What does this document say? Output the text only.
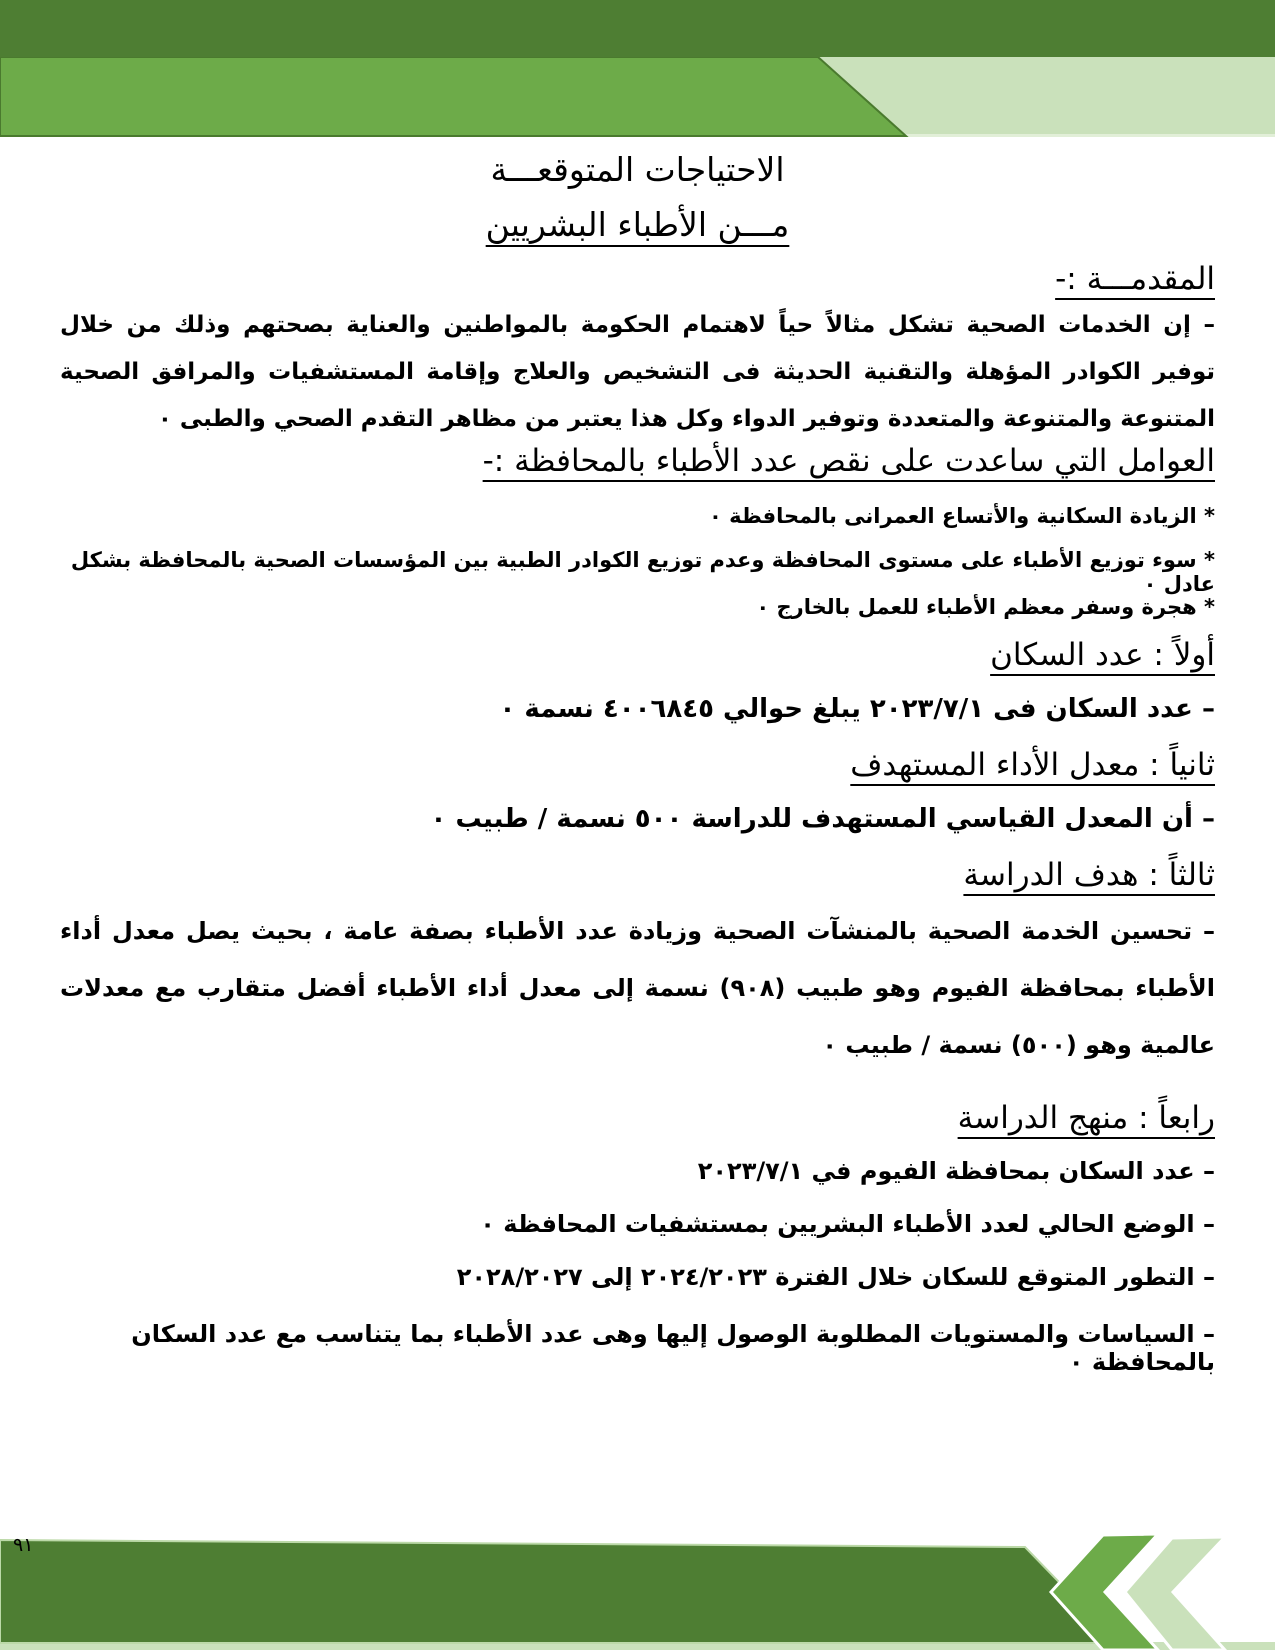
الاحتياجات المتوقعـــة
مـــن الأطباء البشريين
المقدمـــة :-
– إن الخدمات الصحية تشكل مثالاً حياً لاهتمام الحكومة بالمواطنين والعناية بصحتهم وذلك من خلال توفير الكوادر المؤهلة والتقنية الحديثة فى التشخيص والعلاج وإقامة المستشفيات والمرافق الصحية المتنوعة والمتنوعة والمتعددة وتوفير الدواء وكل هذا يعتبر من مظاهر التقدم الصحي والطبى ٠
العوامل التي ساعدت على نقص عدد الأطباء بالمحافظة :-
* الزيادة السكانية والأتساع العمرانى بالمحافظة ٠
* سوء توزيع الأطباء على مستوى المحافظة وعدم توزيع الكوادر الطبية بين المؤسسات الصحية بالمحافظة بشكل عادل ٠
* هجرة وسفر معظم الأطباء للعمل بالخارج ٠
أولاً : عدد السكان
– عدد السكان فى ٢٠٢٣/٧/١ يبلغ حوالي ٤٠٠٦٨٤٥ نسمة ٠
ثانياً : معدل الأداء المستهدف
– أن المعدل القياسي المستهدف للدراسة ٥٠٠ نسمة / طبيب ٠
ثالثاً : هدف الدراسة
– تحسين الخدمة الصحية بالمنشآت الصحية وزيادة عدد الأطباء بصفة عامة ، بحيث يصل معدل أداء الأطباء بمحافظة الفيوم وهو طبيب (٩٠٨) نسمة إلى معدل أداء الأطباء أفضل متقارب مع معدلات عالمية وهو (٥٠٠) نسمة / طبيب ٠
رابعاً : منهج الدراسة
– عدد السكان بمحافظة الفيوم في ٢٠٢٣/٧/١
– الوضع الحالي لعدد الأطباء البشريين بمستشفيات المحافظة ٠
– التطور المتوقع للسكان خلال الفترة ٢٠٢٤/٢٠٢٣ إلى ٢٠٢٨/٢٠٢٧
– السياسات والمستويات المطلوبة الوصول إليها وهى عدد الأطباء بما يتناسب مع عدد السكان بالمحافظة ٠
٩١
